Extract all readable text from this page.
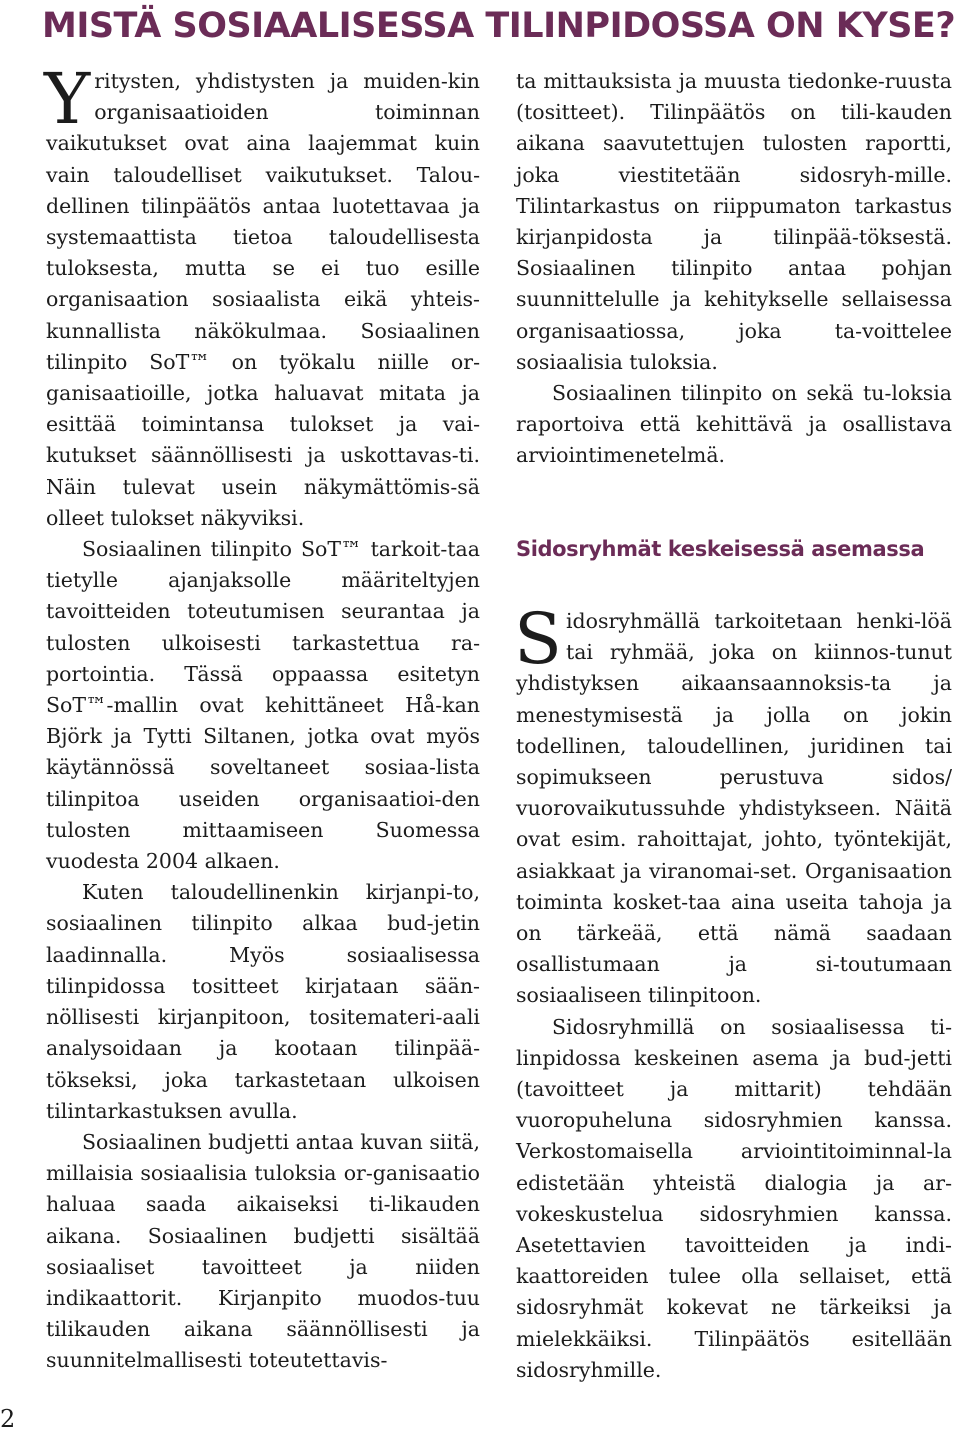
MISTÄ SOSIAALISESSA TILINPIDOSSA ON KYSE?

Yritysten, yhdistysten ja muiden-kin organisaatioiden toiminnan vaikutukset ovat aina laajemmat kuin vain taloudelliset vaikutukset. Talou-dellinen tilinpäätös antaa luotettavaa ja systemaattista tietoa taloudellisesta tuloksesta, mutta se ei tuo esille organisaation sosiaalista eikä yhteis-kunnallista näkökulmaa. Sosiaalinen tilinpito SoT™ on työkalu niille or-ganisaatioille, jotka haluavat mitata ja esittää toimintansa tulokset ja vai-kutukset säännöllisesti ja uskottavas-ti. Näin tulevat usein näkymättömis-sä olleet tulokset näkyviksi.

Sosiaalinen tilinpito SoT™ tarkoit-taa tietylle ajanjaksolle määriteltyjen tavoitteiden toteutumisen seurantaa ja tulosten ulkoisesti tarkastettua ra-portointia. Tässä oppaassa esitetyn SoT™-mallin ovat kehittäneet Hå-kan Björk ja Tytti Siltanen, jotka ovat myös käytännössä soveltaneet sosiaa-lista tilinpitoa useiden organisaatioi-den tulosten mittaamiseen Suomessa vuodesta 2004 alkaen.

Kuten taloudellinenkin kirjanpi-to, sosiaalinen tilinpito alkaa bud-jetin laadinnalla. Myös sosiaalisessa tilinpidossa tositteet kirjataan sään-nöllisesti kirjanpitoon, tositemateri-aali analysoidaan ja kootaan tilinpää-tökseksi, joka tarkastetaan ulkoisen tilintarkastuksen avulla.

Sosiaalinen budjetti antaa kuvan siitä, millaisia sosiaalisia tuloksia or-ganisaatio haluaa saada aikaiseksi ti-likauden aikana. Sosiaalinen budjetti sisältää sosiaaliset tavoitteet ja niiden indikaattorit. Kirjanpito muodos-tuu tilikauden aikana säännöllisesti ja suunnitelmallisesti toteutettavis-

ta mittauksista ja muusta tiedonke-ruusta (tositteet). Tilinpäätös on tili-kauden aikana saavutettujen tulosten raportti, joka viestitetään sidosryh-mille. Tilintarkastus on riippumaton tarkastus kirjanpidosta ja tilinpää-töksestä. Sosiaalinen tilinpito antaa pohjan suunnittelulle ja kehitykselle sellaisessa organisaatiossa, joka ta-voittelee sosiaalisia tuloksia.

Sosiaalinen tilinpito on sekä tu-loksia raportoiva että kehittävä ja osallistava arviointimenetelmä.

Sidosryhmät keskeisessä asemassa

Sidosryhmällä tarkoitetaan henki-löä tai ryhmää, joka on kiinnos-tunut yhdistyksen aikaansaannoksis-ta ja menestymisestä ja jolla on jokin todellinen, taloudellinen, juridinen tai sopimukseen perustuva sidos/ vuorovaikutussuhde yhdistykseen. Näitä ovat esim. rahoittajat, johto, työntekijät, asiakkaat ja viranomai-set. Organisaation toiminta kosket-taa aina useita tahoja ja on tärkeää, että nämä saadaan osallistumaan ja si-toutumaan sosiaaliseen tilinpitoon.

Sidosryhmillä on sosiaalisessa ti-linpidossa keskeinen asema ja bud-jetti (tavoitteet ja mittarit) tehdään vuoropuheluna sidosryhmien kanssa. Verkostomaisella arviointitoiminnal-la edistetään yhteistä dialogia ja ar-vokeskustelua sidosryhmien kanssa. Asetettavien tavoitteiden ja indi-kaattoreiden tulee olla sellaiset, että sidosryhmät kokevat ne tärkeiksi ja mielekkäiksi. Tilinpäätös esitellään sidosryhmille.

2
